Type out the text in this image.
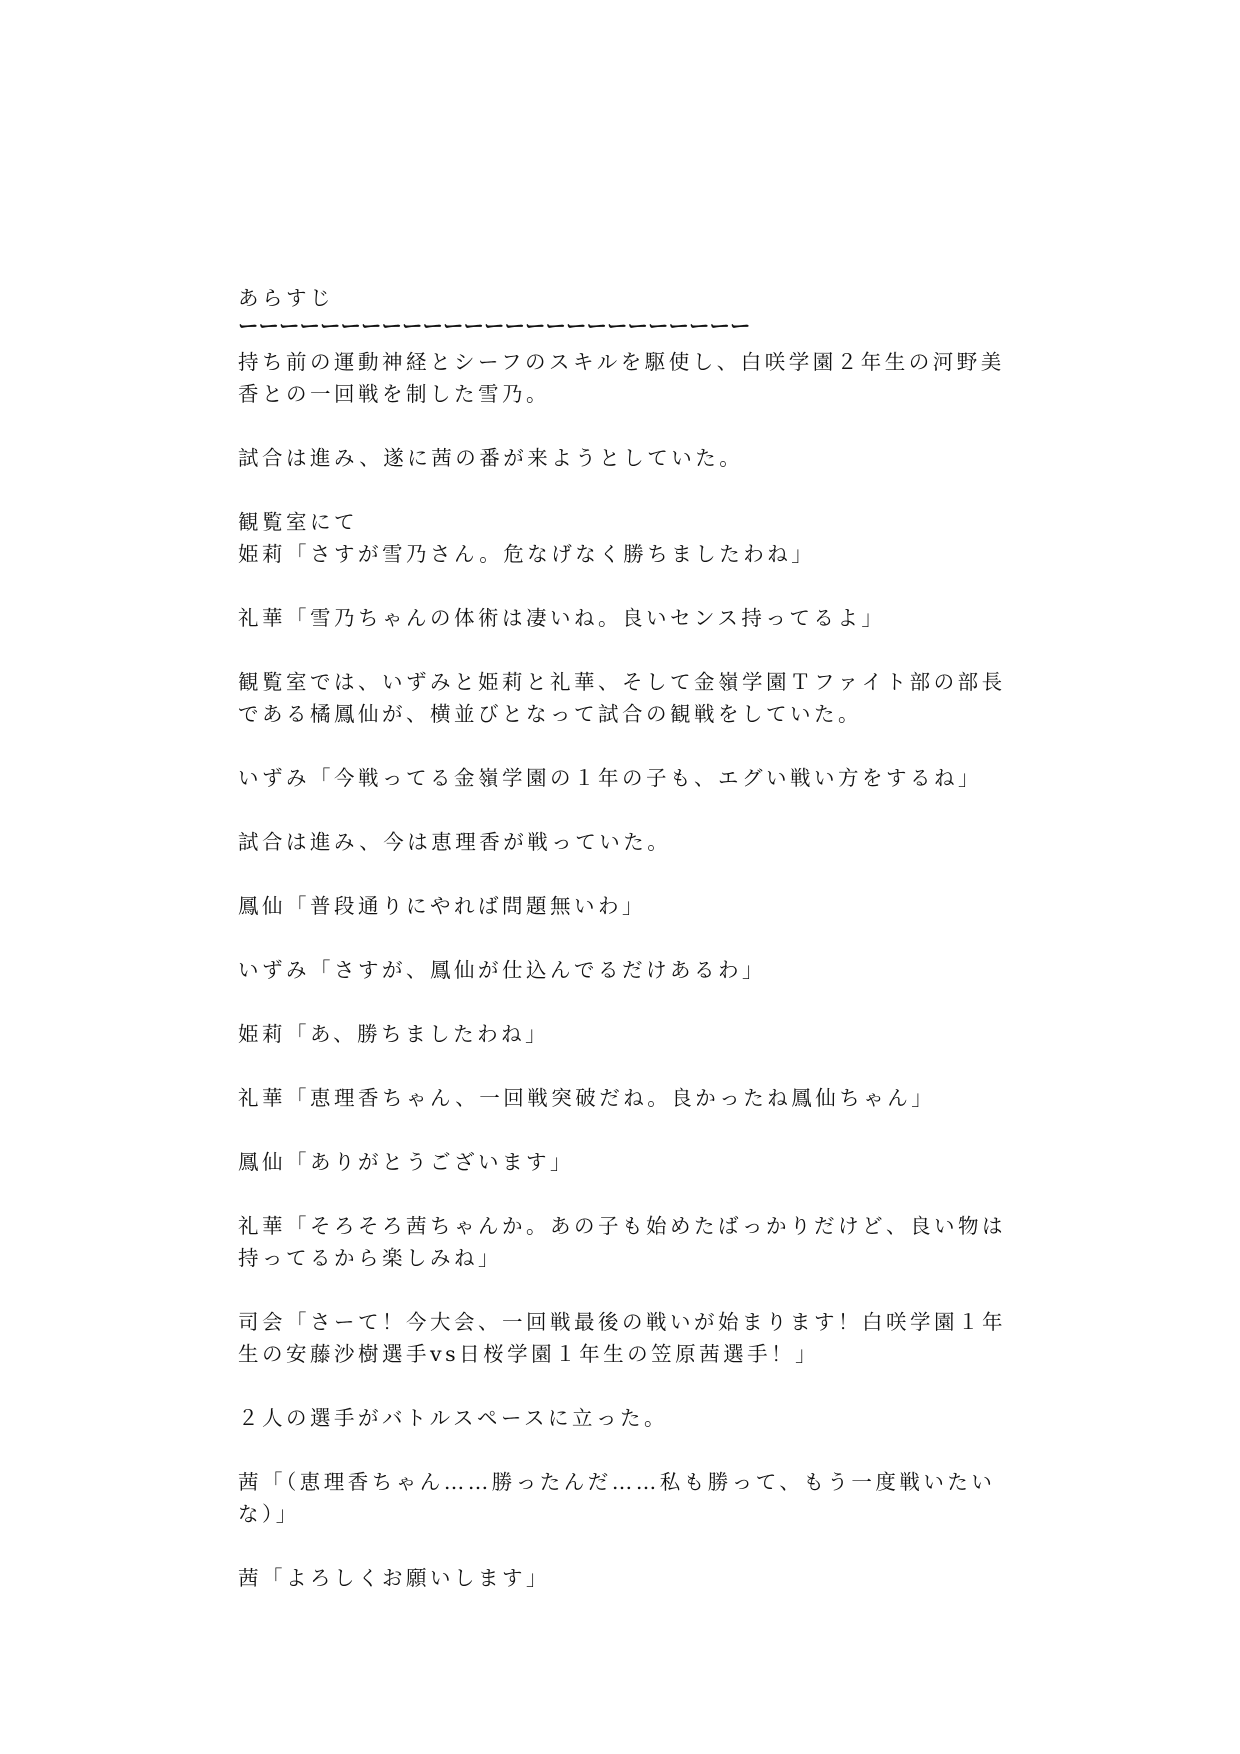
あらすじ

ーーーーーーーーーーーーーーーーーーーーーーーーー

持ち前の運動神経とシーフのスキルを駆使し、白咲学園２年生の河野美香との一回戦を制した雪乃。

試合は進み、遂に茜の番が来ようとしていた。

観覧室にて

姫莉「さすが雪乃さん。危なげなく勝ちましたわね」

礼華「雪乃ちゃんの体術は凄いね。良いセンス持ってるよ」

観覧室では、いずみと姫莉と礼華、そして金嶺学園Ｔファイト部の部長である橘鳳仙が、横並びとなって試合の観戦をしていた。

いずみ「今戦ってる金嶺学園の１年の子も、エグい戦い方をするね」

試合は進み、今は恵理香が戦っていた。

鳳仙「普段通りにやれば問題無いわ」

いずみ「さすが、鳳仙が仕込んでるだけあるわ」

姫莉「あ、勝ちましたわね」

礼華「恵理香ちゃん、一回戦突破だね。良かったね鳳仙ちゃん」

鳳仙「ありがとうございます」

礼華「そろそろ茜ちゃんか。あの子も始めたばっかりだけど、良い物は持ってるから楽しみね」

司会「さーて！今大会、一回戦最後の戦いが始まります！白咲学園１年生の安藤沙樹選手vs日桜学園１年生の笠原茜選手！」

２人の選手がバトルスペースに立った。

茜「（恵理香ちゃん……勝ったんだ……私も勝って、もう一度戦いたいな）」

茜「よろしくお願いします」
